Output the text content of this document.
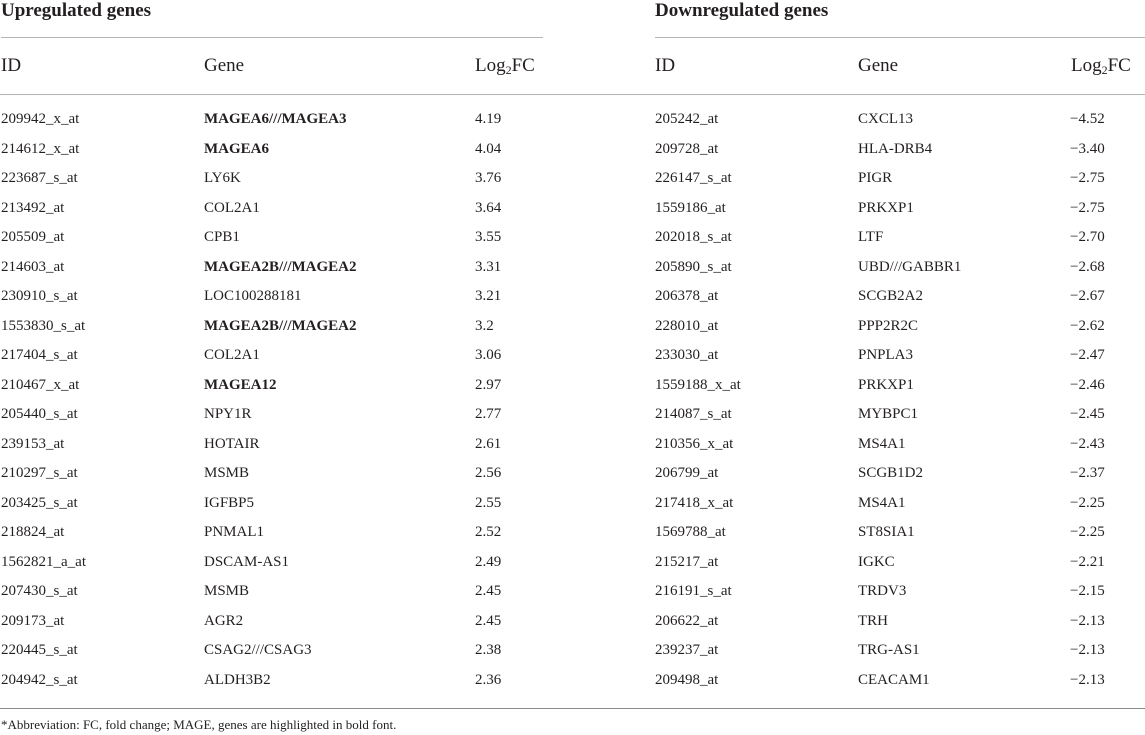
Upregulated genes	Downregulated genes
ID	Gene	Log$_2$FC	ID	Gene	Log$_2$FC
209942_x_at	MAGEA6///MAGEA3	4.19
214612_x_at	MAGEA6	4.04
223687_s_at	LY6K	3.76
213492_at	COL2A1	3.64
205509_at	CPB1	3.55
214603_at	MAGEA2B///MAGEA2	3.31
230910_s_at	LOC100288181	3.21
1553830_s_at	MAGEA2B///MAGEA2	3.2
217404_s_at	COL2A1	3.06
210467_x_at	MAGEA12	2.97
205440_s_at	NPY1R	2.77
239153_at	HOTAIR	2.61
210297_s_at	MSMB	2.56
203425_s_at	IGFBP5	2.55
218824_at	PNMAL1	2.52
1562821_a_at	DSCAM-AS1	2.49
207430_s_at	MSMB	2.45
209173_at	AGR2	2.45
220445_s_at	CSAG2///CSAG3	2.38
204942_s_at	ALDH3B2	2.36
205242_at	CXCL13	−4.52
209728_at	HLA-DRB4	−3.40
226147_s_at	PIGR	−2.75
1559186_at	PRKXP1	−2.75
202018_s_at	LTF	−2.70
205890_s_at	UBD///GABBR1	−2.68
206378_at	SCGB2A2	−2.67
228010_at	PPP2R2C	−2.62
233030_at	PNPLA3	−2.47
1559188_x_at	PRKXP1	−2.46
214087_s_at	MYBPC1	−2.45
210356_x_at	MS4A1	−2.43
206799_at	SCGB1D2	−2.37
217418_x_at	MS4A1	−2.25
1569788_at	ST8SIA1	−2.25
215217_at	IGKC	−2.21
216191_s_at	TRDV3	−2.15
206622_at	TRH	−2.13
239237_at	TRG-AS1	−2.13
209498_at	CEACAM1	−2.13
*Abbreviation: FC, fold change; MAGE, genes are highlighted in bold font.
